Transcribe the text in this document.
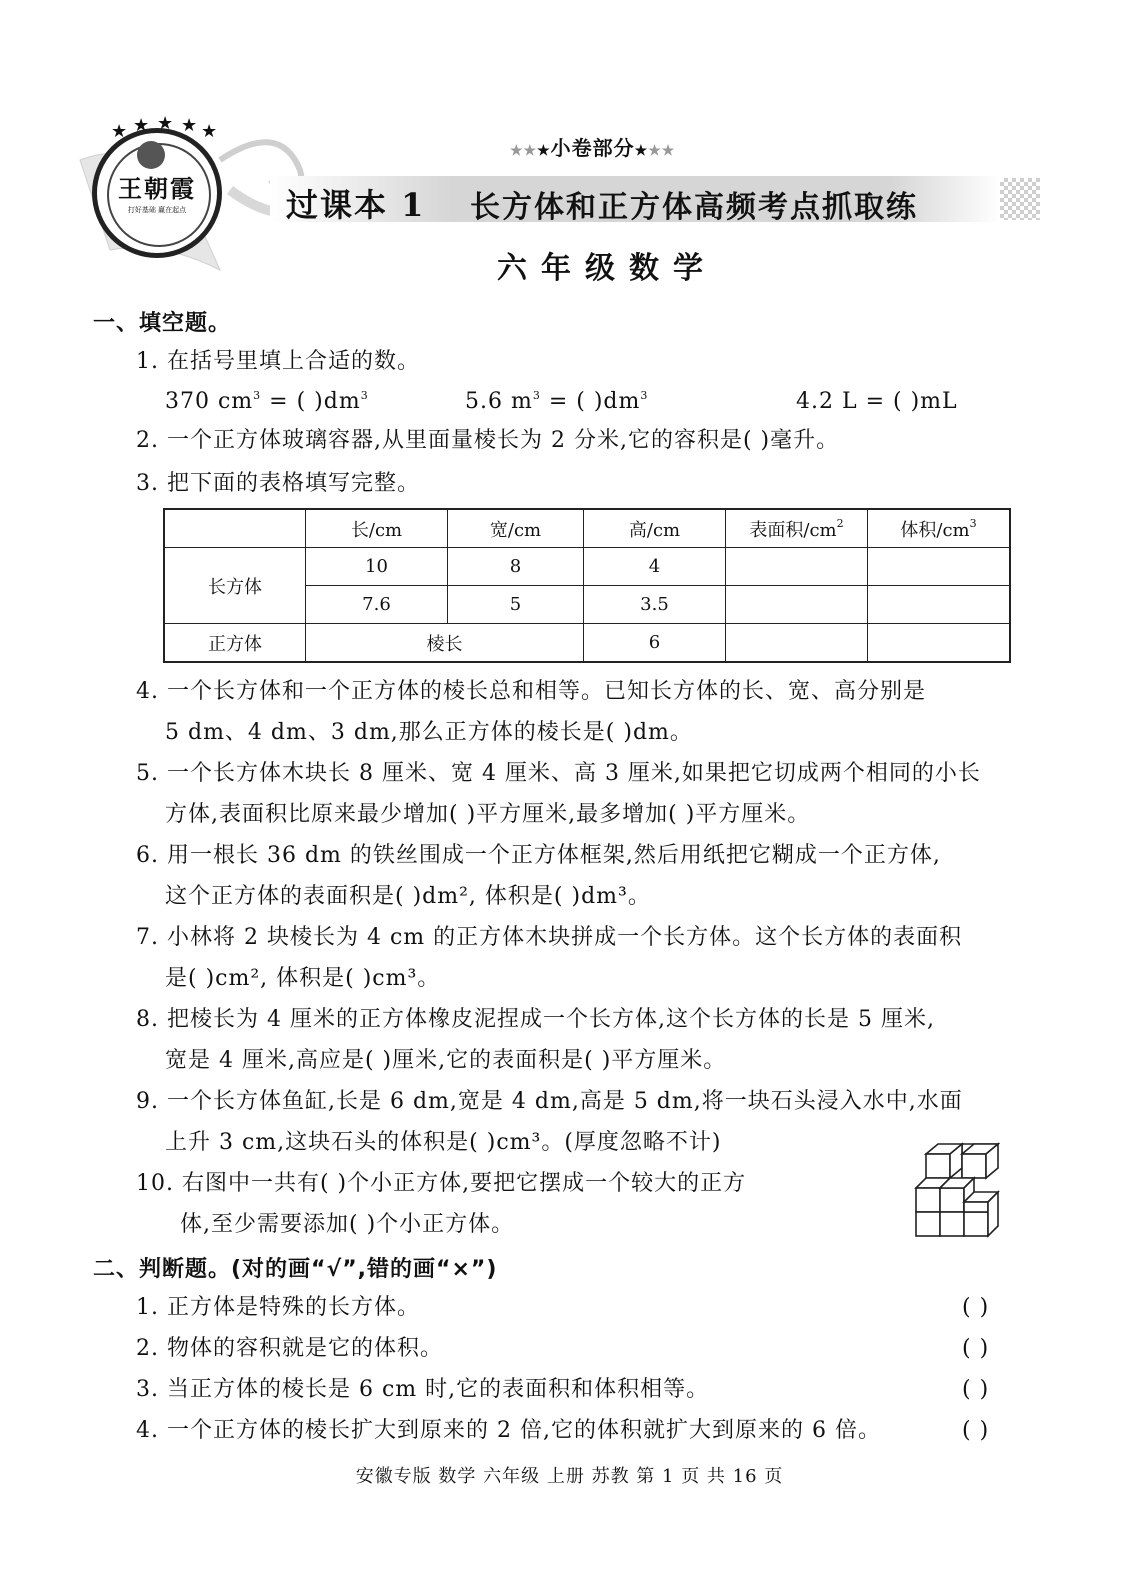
★ ★ ★ ★ ★
王朝霞
打好基础 赢在起点
★★★小卷部分★★★
过课本 1 长方体和正方体高频考点抓取练
六年级数学
一、填空题。
1. 在括号里填上合适的数。
370 $cm^3$ = ( )$dm^3$	5.6 $m^3$ = ( )$dm^3$	4.2 L = ( )mL
2. 一个正方体玻璃容器,从里面量棱长为 2 分米,它的容积是( )毫升。
3. 把下面的表格填写完整。
	长/cm	宽/cm	高/cm	表面积$/cm^2$	体积$/cm^3$
长方体	10	8	4		
	7.6	5	3.5		
正方体	棱长		6		
4. 一个长方体和一个正方体的棱长总和相等。已知长方体的长、宽、高分别是
5 dm、4 dm、3 dm,那么正方体的棱长是( )dm。
5. 一个长方体木块长 8 厘米、宽 4 厘米、高 3 厘米,如果把它切成两个相同的小长
方体,表面积比原来最少增加( )平方厘米,最多增加( )平方厘米。
6. 用一根长 36 dm 的铁丝围成一个正方体框架,然后用纸把它糊成一个正方体,
这个正方体的表面积是( )dm², 体积是( )dm³。
7. 小林将 2 块棱长为 4 cm 的正方体木块拼成一个长方体。这个长方体的表面积
是( )cm², 体积是( )cm³。
8. 把棱长为 4 厘米的正方体橡皮泥捏成一个长方体,这个长方体的长是 5 厘米,
宽是 4 厘米,高应是( )厘米,它的表面积是( )平方厘米。
9. 一个长方体鱼缸,长是 6 dm,宽是 4 dm,高是 5 dm,将一块石头浸入水中,水面
上升 3 cm,这块石头的体积是( )cm³。(厚度忽略不计)
10. 右图中一共有( )个小正方体,要把它摆成一个较大的正方
体,至少需要添加( )个小正方体。
二、判断题。(对的画“√”,错的画“×”)
1. 正方体是特殊的长方体。	( )
2. 物体的容积就是它的体积。	( )
3. 当正方体的棱长是 6 cm 时,它的表面积和体积相等。	( )
4. 一个正方体的棱长扩大到原来的 2 倍,它的体积就扩大到原来的 6 倍。	( )
安徽专版 数学 六年级 上册 苏教 第 1 页 共 16 页
